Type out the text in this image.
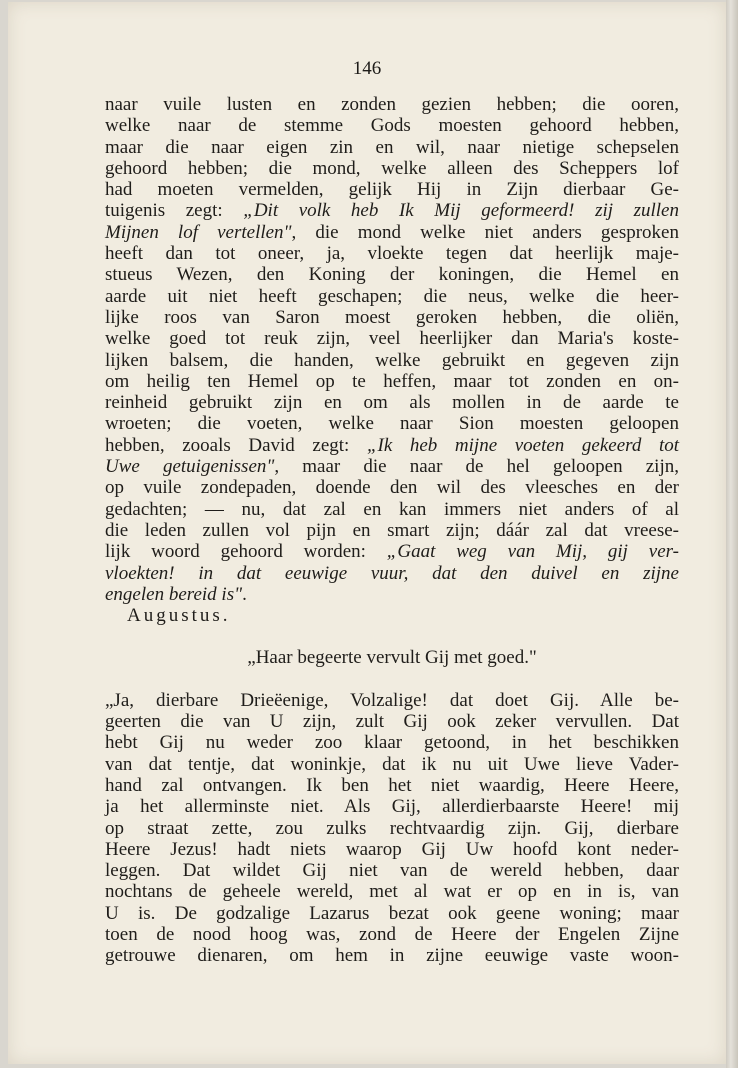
146
naar vuile lusten en zonden gezien hebben; die ooren,
welke naar de stemme Gods moesten gehoord hebben,
maar die naar eigen zin en wil, naar nietige schepselen
gehoord hebben; die mond, welke alleen des Scheppers lof
had moeten vermelden, gelijk Hij in Zijn dierbaar Ge-
tuigenis zegt: „Dit volk heb Ik Mij geformeerd! zij zullen
Mijnen lof vertellen", die mond welke niet anders gesproken
heeft dan tot oneer, ja, vloekte tegen dat heerlijk maje-
stueus Wezen, den Koning der koningen, die Hemel en
aarde uit niet heeft geschapen; die neus, welke die heer-
lijke roos van Saron moest geroken hebben, die oliën,
welke goed tot reuk zijn, veel heerlijker dan Maria's koste-
lijken balsem, die handen, welke gebruikt en gegeven zijn
om heilig ten Hemel op te heffen, maar tot zonden en on-
reinheid gebruikt zijn en om als mollen in de aarde te
wroeten; die voeten, welke naar Sion moesten geloopen
hebben, zooals David zegt: „Ik heb mijne voeten gekeerd tot
Uwe getuigenissen", maar die naar de hel geloopen zijn,
op vuile zondepaden, doende den wil des vleesches en der
gedachten; — nu, dat zal en kan immers niet anders of al
die leden zullen vol pijn en smart zijn; dáár zal dat vreese-
lijk woord gehoord worden: „Gaat weg van Mij, gij ver-
vloekten! in dat eeuwige vuur, dat den duivel en zijne
engelen bereid is".
Augustus.
„Haar begeerte vervult Gij met goed."
„Ja, dierbare Drieëenige, Volzalige! dat doet Gij. Alle be-
geerten die van U zijn, zult Gij ook zeker vervullen. Dat
hebt Gij nu weder zoo klaar getoond, in het beschikken
van dat tentje, dat woninkje, dat ik nu uit Uwe lieve Vader-
hand zal ontvangen. Ik ben het niet waardig, Heere Heere,
ja het allerminste niet. Als Gij, allerdierbaarste Heere! mij
op straat zette, zou zulks rechtvaardig zijn. Gij, dierbare
Heere Jezus! hadt niets waarop Gij Uw hoofd kont neder-
leggen. Dat wildet Gij niet van de wereld hebben, daar
nochtans de geheele wereld, met al wat er op en in is, van
U is. De godzalige Lazarus bezat ook geene woning; maar
toen de nood hoog was, zond de Heere der Engelen Zijne
getrouwe dienaren, om hem in zijne eeuwige vaste woon-
